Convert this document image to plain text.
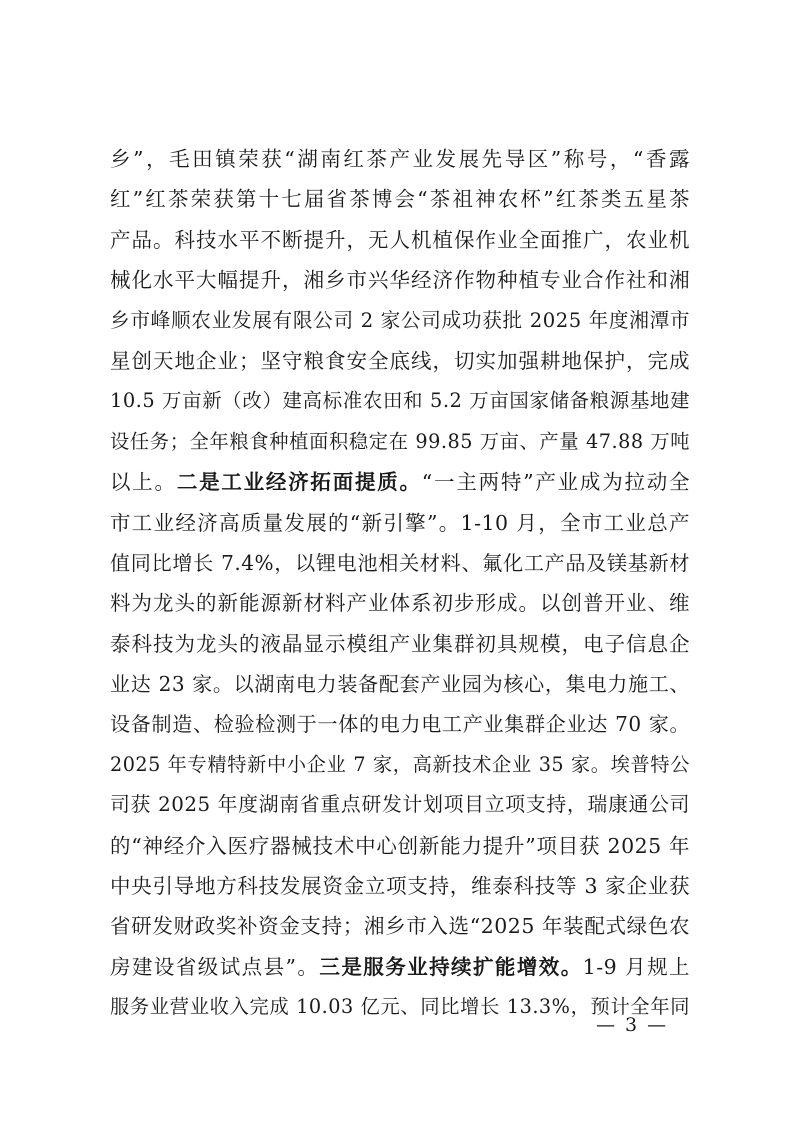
乡”，毛田镇荣获“湖南红茶产业发展先导区”称号，“香露
红”红茶荣获第十七届省茶博会“茶祖神农杯”红茶类五星茶
产品。科技水平不断提升，无人机植保作业全面推广，农业机
械化水平大幅提升，湘乡市兴华经济作物种植专业合作社和湘
乡市峰顺农业发展有限公司 2 家公司成功获批 2025 年度湘潭市
星创天地企业；坚守粮食安全底线，切实加强耕地保护，完成
10.5 万亩新（改）建高标准农田和 5.2 万亩国家储备粮源基地建
设任务；全年粮食种植面积稳定在 99.85 万亩、产量 47.88 万吨
以上。二是工业经济拓面提质。“一主两特”产业成为拉动全
市工业经济高质量发展的“新引擎”。1-10 月，全市工业总产
值同比增长 7.4%，以锂电池相关材料、氟化工产品及镁基新材
料为龙头的新能源新材料产业体系初步形成。以创普开业、维
泰科技为龙头的液晶显示模组产业集群初具规模，电子信息企
业达 23 家。以湖南电力装备配套产业园为核心，集电力施工、
设备制造、检验检测于一体的电力电工产业集群企业达 70 家。
2025 年专精特新中小企业 7 家，高新技术企业 35 家。埃普特公
司获 2025 年度湖南省重点研发计划项目立项支持，瑞康通公司
的“神经介入医疗器械技术中心创新能力提升”项目获 2025 年
中央引导地方科技发展资金立项支持，维泰科技等 3 家企业获
省研发财政奖补资金支持；湘乡市入选“2025 年装配式绿色农
房建设省级试点县”。三是服务业持续扩能增效。1-9 月规上
服务业营业收入完成 10.03 亿元、同比增长 13.3%，预计全年同
— 3 —
